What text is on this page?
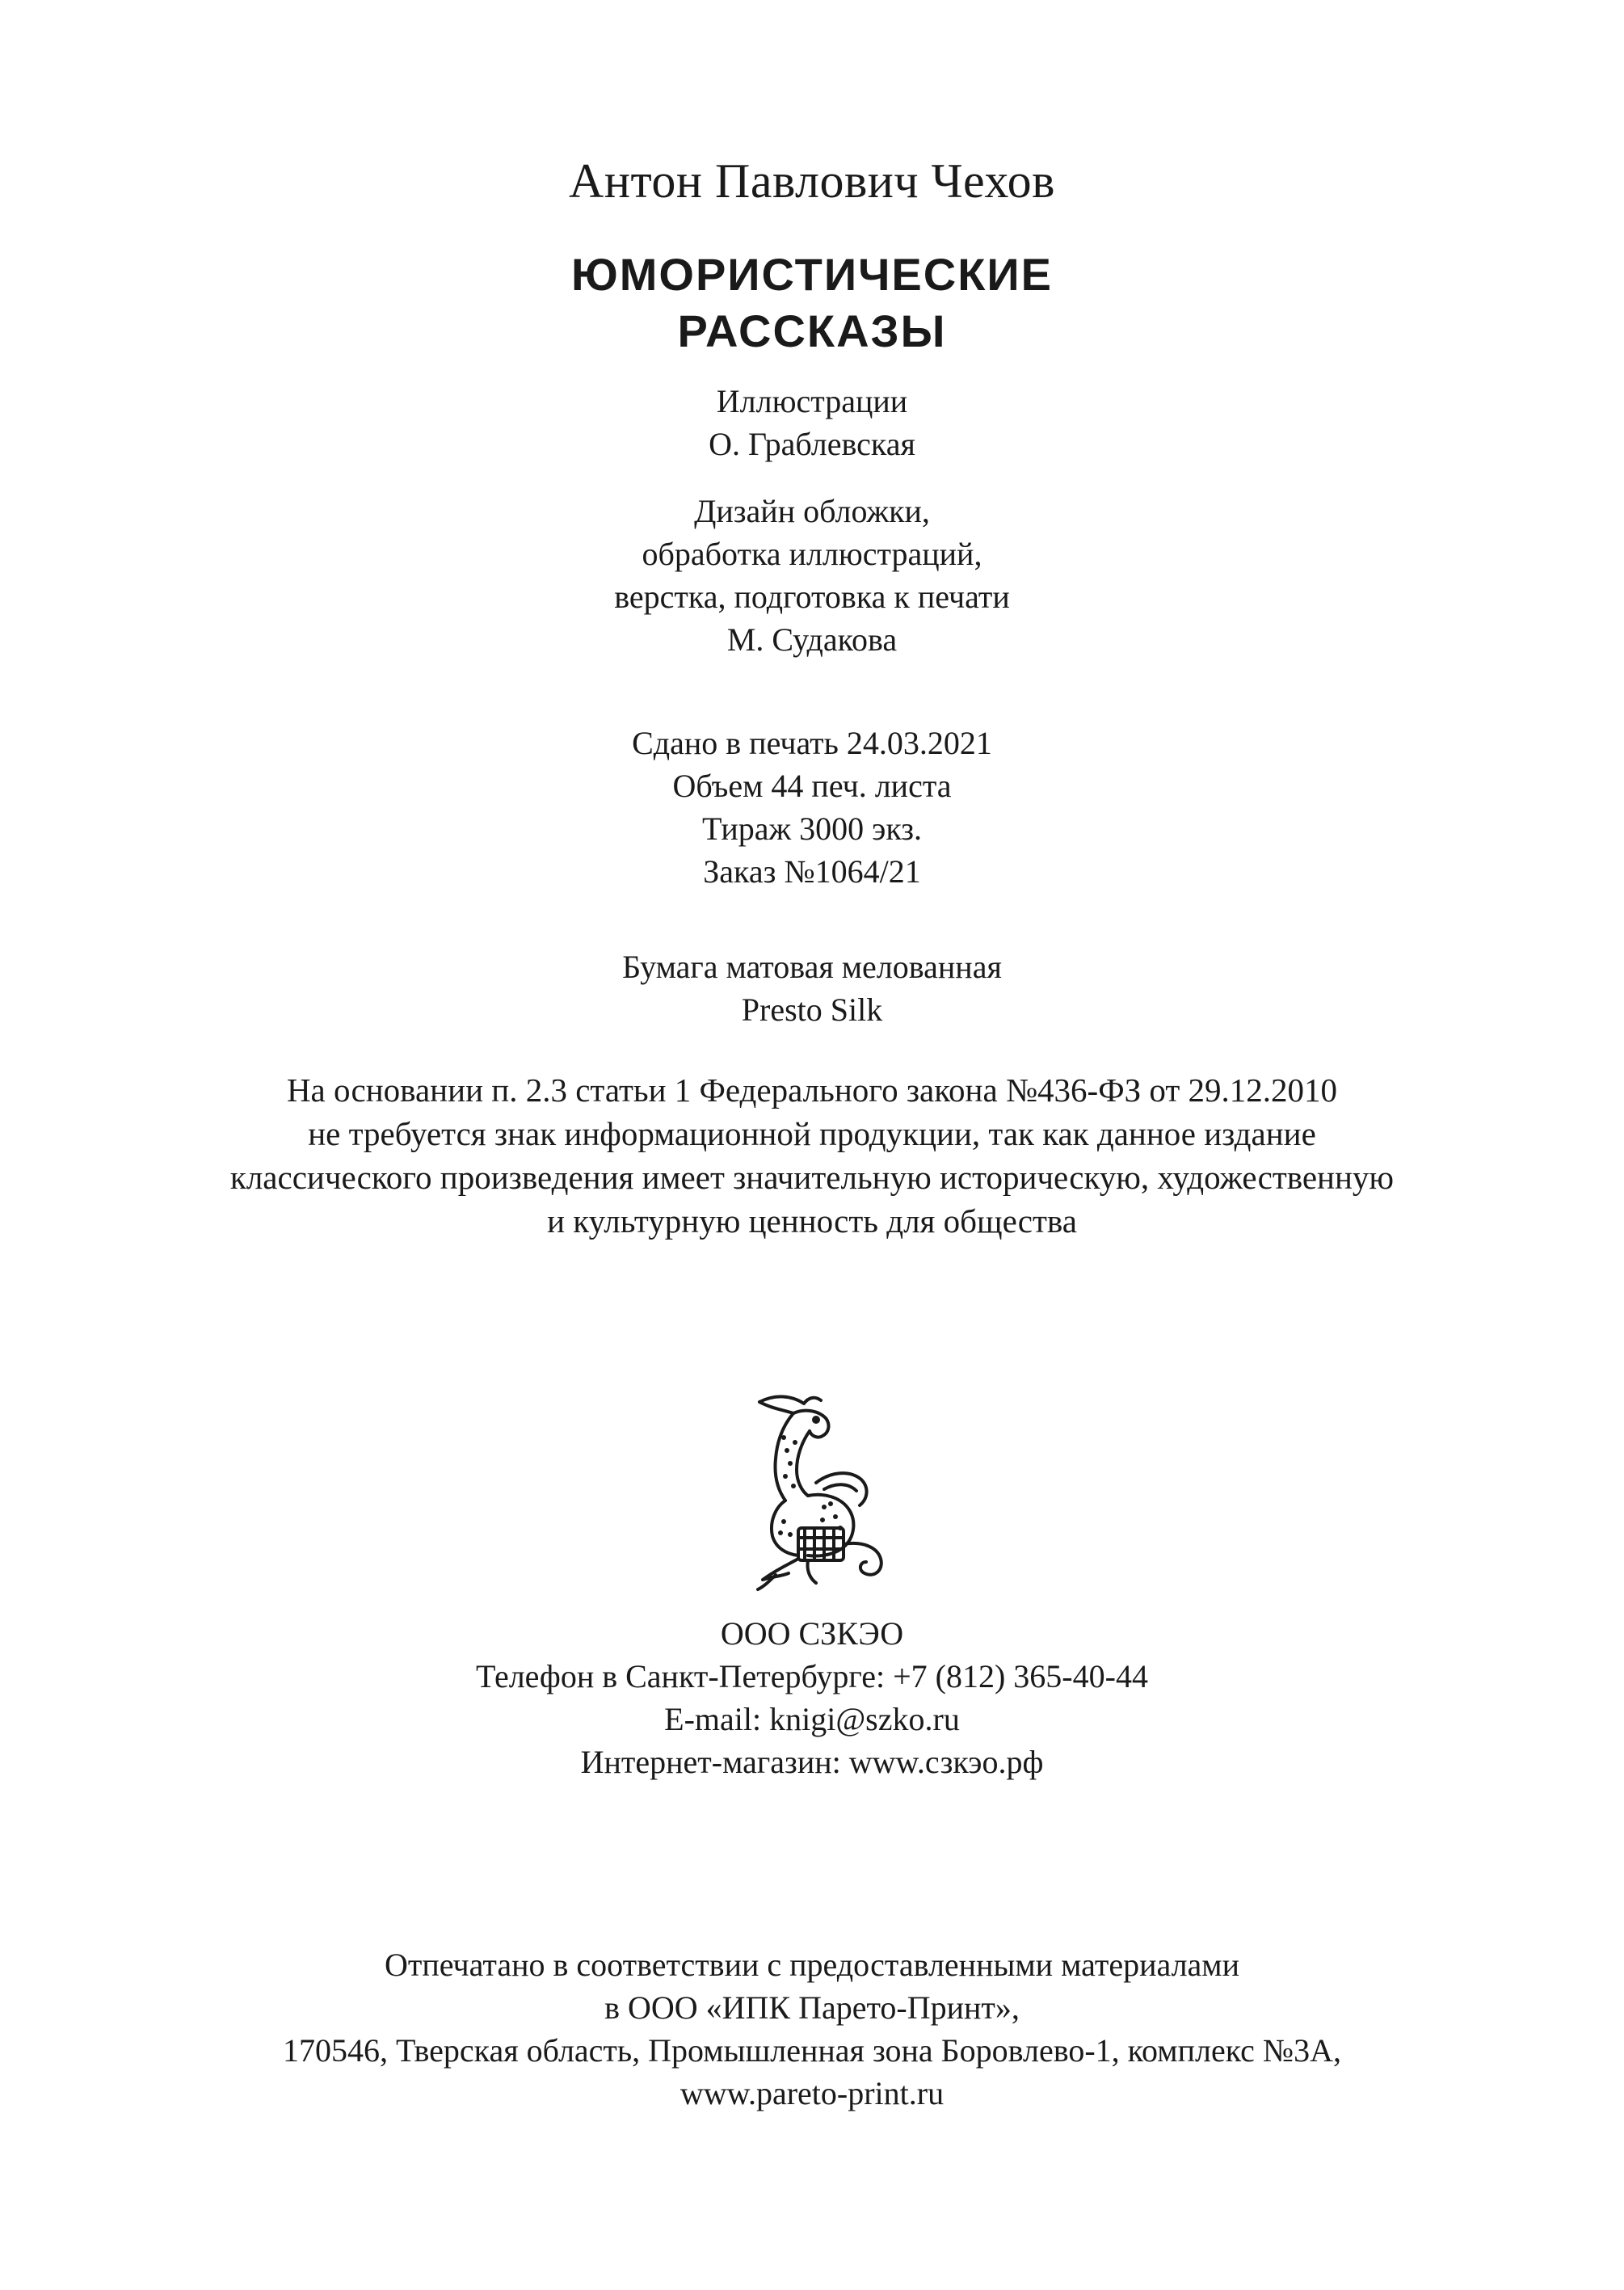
Антон Павлович Чехов
ЮМОРИСТИЧЕСКИЕ
РАССКАЗЫ
Иллюстрации
О. Граблевская
Дизайн обложки,
обработка иллюстраций,
верстка, подготовка к печати
М. Судакова
Сдано в печать 24.03.2021
Объем 44 печ. листа
Тираж 3000 экз.
Заказ №1064/21
Бумага матовая мелованная
Presto Silk
На основании п. 2.3 статьи 1 Федерального закона №436-ФЗ от 29.12.2010
не требуется знак информационной продукции, так как данное издание
классического произведения имеет значительную историческую, художественную
и культурную ценность для общества
ООО СЗКЭО
Телефон в Санкт-Петербурге: +7 (812) 365-40-44
E-mail: knigi@szko.ru
Интернет-магазин: www.сзкэо.рф
Отпечатано в соответствии с предоставленными материалами
в ООО «ИПК Парето-Принт»,
170546, Тверская область, Промышленная зона Боровлево-1, комплекс №3А,
www.pareto-print.ru
